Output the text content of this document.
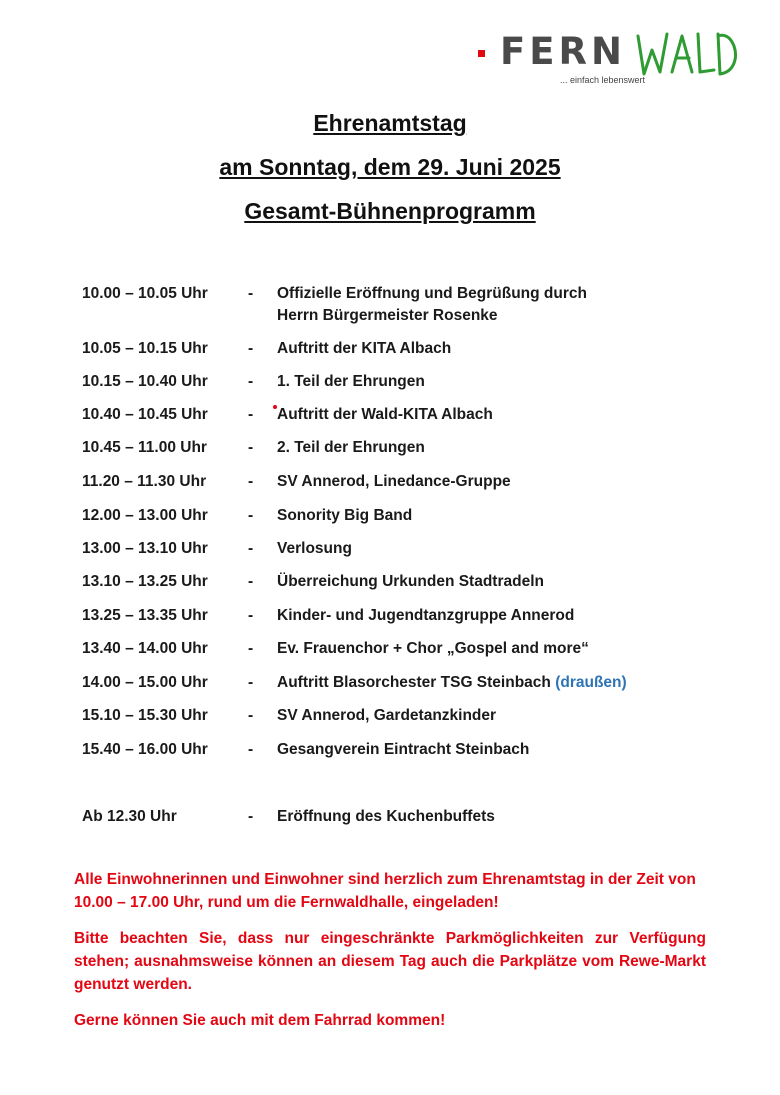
FERN
... einfach lebenswert
Ehrenamtstag
am Sonntag, dem 29. Juni 2025
Gesamt-Bühnenprogramm
10.00 – 10.05 Uhr	- Offizielle Eröffnung und Begrüßung durch
Herrn Bürgermeister Rosenke
10.05 – 10.15 Uhr	- Auftritt der KITA Albach
10.15 – 10.40 Uhr	- 1. Teil der Ehrungen
10.40 – 10.45 Uhr	- Auftritt der Wald-KITA Albach
10.45 – 11.00 Uhr	- 2. Teil der Ehrungen
11.20 – 11.30 Uhr	- SV Annerod, Linedance-Gruppe
12.00 – 13.00 Uhr	- Sonority Big Band
13.00 – 13.10 Uhr	- Verlosung
13.10 – 13.25 Uhr	- Überreichung Urkunden Stadtradeln
13.25 – 13.35 Uhr	- Kinder- und Jugendtanzgruppe Annerod
13.40 – 14.00 Uhr	- Ev. Frauenchor + Chor „Gospel and more“
14.00 – 15.00 Uhr	- Auftritt Blasorchester TSG Steinbach (draußen)
15.10 – 15.30 Uhr	- SV Annerod, Gardetanzkinder
15.40 – 16.00 Uhr	- Gesangverein Eintracht Steinbach
Ab 12.30 Uhr	- Eröffnung des Kuchenbuffets

Alle Einwohnerinnen und Einwohner sind herzlich zum Ehrenamtstag in der Zeit von 10.00 – 17.00 Uhr, rund um die Fernwaldhalle, eingeladen!

Bitte beachten Sie, dass nur eingeschränkte Parkmöglichkeiten zur Verfügung stehen; ausnahmsweise können an diesem Tag auch die Parkplätze vom Rewe-Markt genutzt werden.

Gerne können Sie auch mit dem Fahrrad kommen!
